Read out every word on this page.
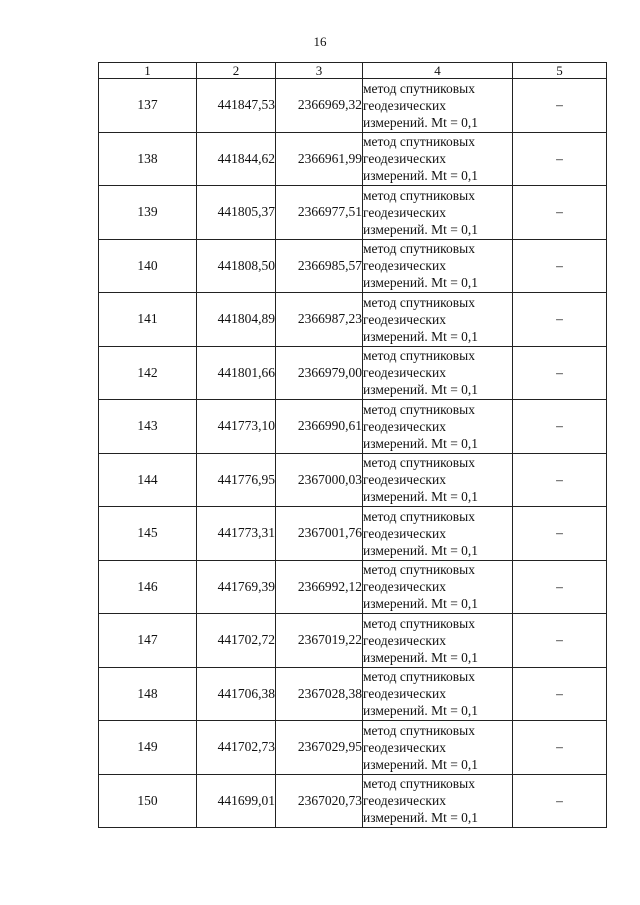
16
1	2	3	4	5
137	441847,53	2366969,32	метод спутниковых
геодезических
измерений. Mt = 0,1	–
138	441844,62	2366961,99	метод спутниковых
геодезических
измерений. Mt = 0,1	–
139	441805,37	2366977,51	метод спутниковых
геодезических
измерений. Mt = 0,1	–
140	441808,50	2366985,57	метод спутниковых
геодезических
измерений. Mt = 0,1	–
141	441804,89	2366987,23	метод спутниковых
геодезических
измерений. Mt = 0,1	–
142	441801,66	2366979,00	метод спутниковых
геодезических
измерений. Mt = 0,1	–
143	441773,10	2366990,61	метод спутниковых
геодезических
измерений. Mt = 0,1	–
144	441776,95	2367000,03	метод спутниковых
геодезических
измерений. Mt = 0,1	–
145	441773,31	2367001,76	метод спутниковых
геодезических
измерений. Mt = 0,1	–
146	441769,39	2366992,12	метод спутниковых
геодезических
измерений. Mt = 0,1	–
147	441702,72	2367019,22	метод спутниковых
геодезических
измерений. Mt = 0,1	–
148	441706,38	2367028,38	метод спутниковых
геодезических
измерений. Mt = 0,1	–
149	441702,73	2367029,95	метод спутниковых
геодезических
измерений. Mt = 0,1	–
150	441699,01	2367020,73	метод спутниковых
геодезических
измерений. Mt = 0,1	–
